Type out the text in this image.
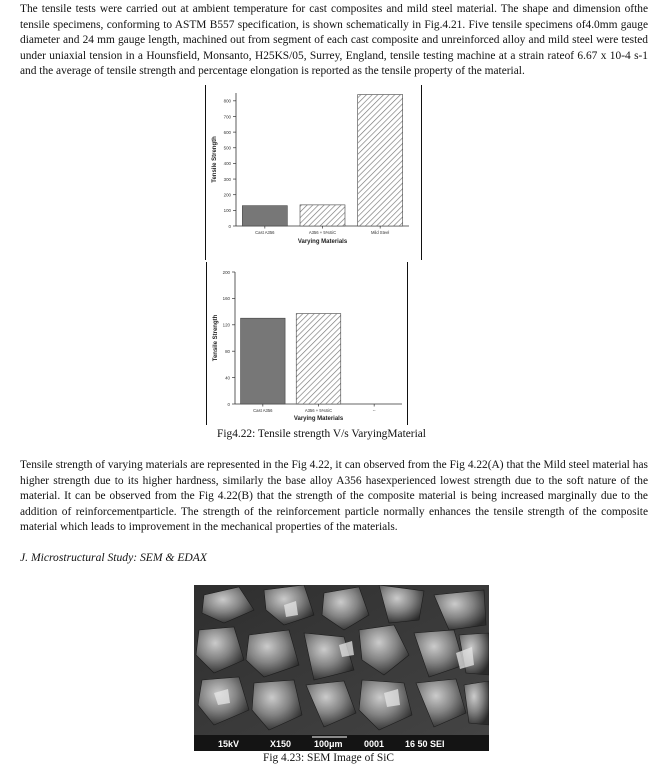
The tensile tests were carried out at ambient temperature for cast composites and mild steel material. The shape and dimension ofthe tensile specimens, conforming to ASTM B557 specification, is shown schematically in Fig.4.21. Five tensile specimens of4.0mm gauge diameter and 24 mm gauge length, machined out from segment of each cast composite and unreinforced alloy and mild steel were tested under uniaxial tension in a Hounsfield, Monsanto, H25KS/05, Surrey, England, tensile testing machine at a strain rateof 6.67 x 10-4 s-1 and the average of tensile strength and percentage elongation is reported as the tensile property of the material.

0
100
200
300
400
500
600
700
800
Cast A356	A356 + 5%SiC	Mild Steel
Varying Materials
Tensile Strength
0
40
80
120
160
200
Cast A356	A356 + 5%SiC	--
Varying Materials
Tensile Strength
Fig4.22: Tensile strength V/s VaryingMaterial

Tensile strength of varying materials are represented in the Fig 4.22, it can observed from the Fig 4.22(A) that the Mild steel material has higher strength due to its higher hardness, similarly the base alloy A356 hasexperienced lowest strength due to the soft nature of the material. It can be observed from the Fig 4.22(B) that the strength of the composite material is being increased marginally due to the addition of reinforcementparticle. The strength of the reinforcement particle normally enhances the tensile strength of the composite material which leads to improvement in the mechanical properties of the materials.

J. Microstructural Study: SEM & EDAX
15kV	X150	100μm 0001 16 50 SEI
Fig 4.23: SEM Image of SiC
